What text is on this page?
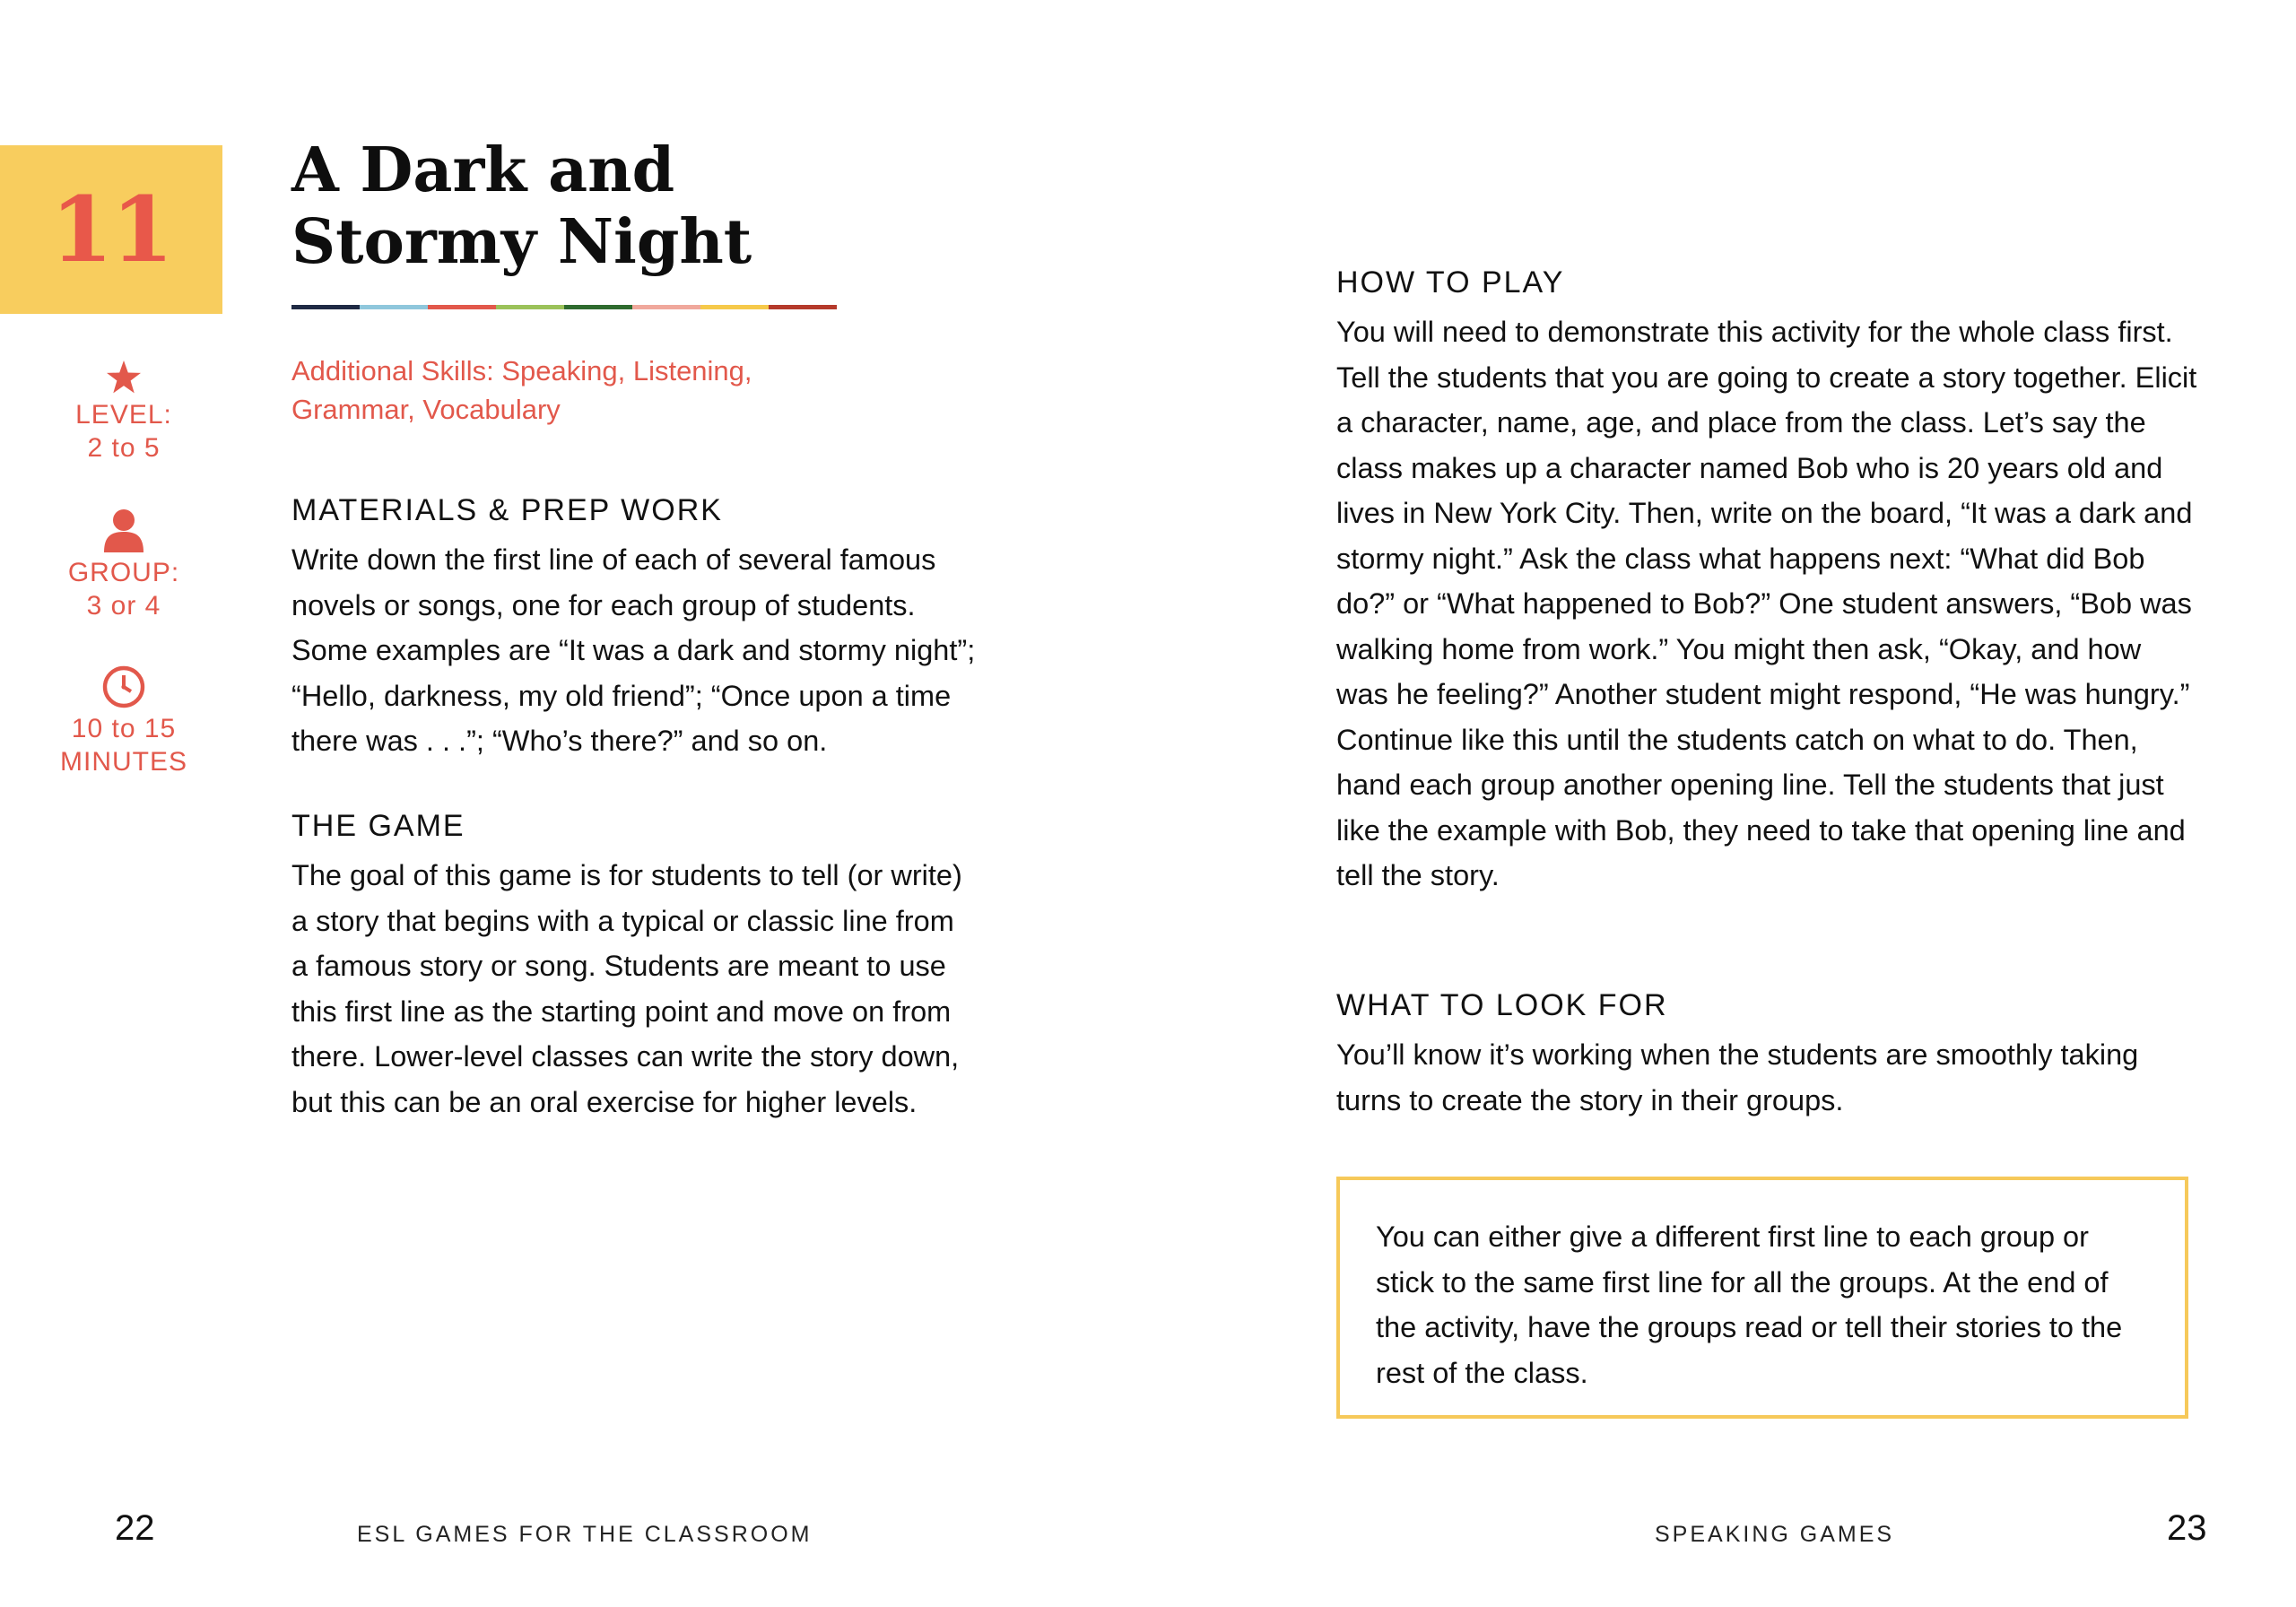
11
A Dark and
Stormy Night
Additional Skills: Speaking, Listening, Grammar, Vocabulary
LEVEL:
2 to 5
GROUP:
3 or 4
10 to 15
MINUTES
MATERIALS & PREP WORK
Write down the first line of each of several famous novels or songs, one for each group of students. Some examples are “It was a dark and stormy night”; “Hello, darkness, my old friend”; “Once upon a time there was . . .”; “Who’s there?” and so on.
THE GAME
The goal of this game is for students to tell (or write) a story that begins with a typical or classic line from a famous story or song. Students are meant to use this first line as the starting point and move on from there. Lower-level classes can write the story down, but this can be an oral exercise for higher levels.
HOW TO PLAY
You will need to demonstrate this activity for the whole class first. Tell the students that you are going to create a story together. Elicit a character, name, age, and place from the class. Let’s say the class makes up a character named Bob who is 20 years old and lives in New York City. Then, write on the board, “It was a dark and stormy night.” Ask the class what happens next: “What did Bob do?” or “What happened to Bob?” One student answers, “Bob was walking home from work.” You might then ask, “Okay, and how was he feeling?” Another student might respond, “He was hungry.” Continue like this until the students catch on what to do. Then, hand each group another opening line. Tell the students that just like the example with Bob, they need to take that opening line and tell the story.
WHAT TO LOOK FOR
You’ll know it’s working when the students are smoothly taking turns to create the story in their groups.
You can either give a different first line to each group or stick to the same first line for all the groups. At the end of the activity, have the groups read or tell their stories to the rest of the class.
22	ESL GAMES FOR THE CLASSROOM	SPEAKING GAMES	23
